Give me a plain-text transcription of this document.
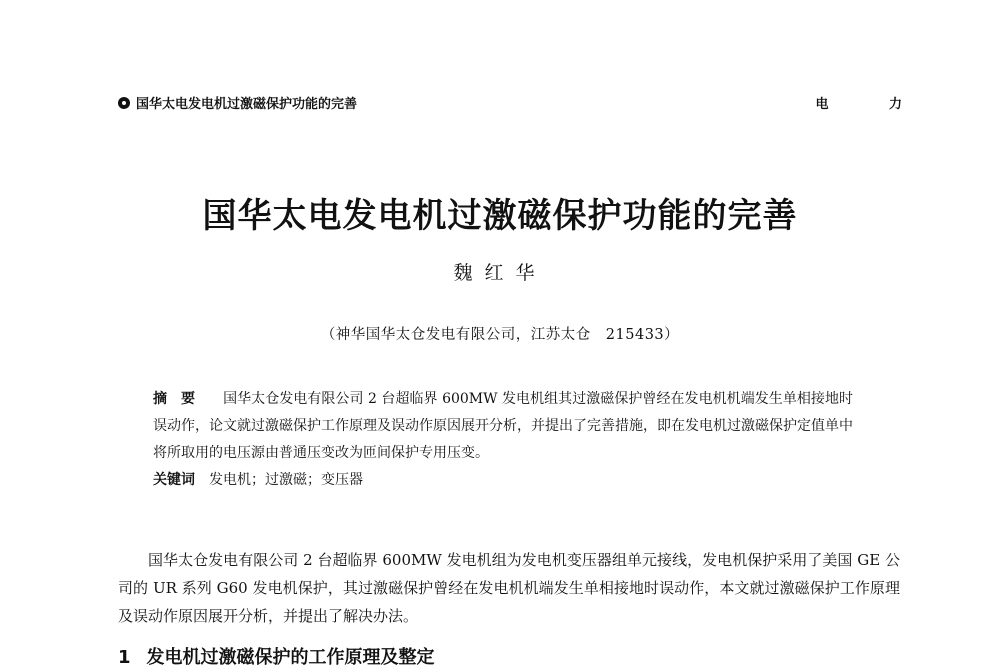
国华太电发电机过激磁保护功能的完善	电 力
国华太电发电机过激磁保护功能的完善
魏红华
（神华国华太仓发电有限公司，江苏太仓　215433）
摘要 国华太仓发电有限公司 2 台超临界 600MW 发电机组其过激磁保护曾经在发电机机端发生单相接地时误动作，论文就过激磁保护工作原理及误动作原因展开分析，并提出了完善措施，即在发电机过激磁保护定值单中将所取用的电压源由普通压变改为匝间保护专用压变。
关键词 发电机；过激磁；变压器

国华太仓发电有限公司 2 台超临界 600MW 发电机组为发电机变压器组单元接线，发电机保护采用了美国 GE 公司的 UR 系列 G60 发电机保护，其过激磁保护曾经在发电机机端发生单相接地时误动作，本文就过激磁保护工作原理及误动作原因展开分析，并提出了解决办法。

1 发电机过激磁保护的工作原理及整定
